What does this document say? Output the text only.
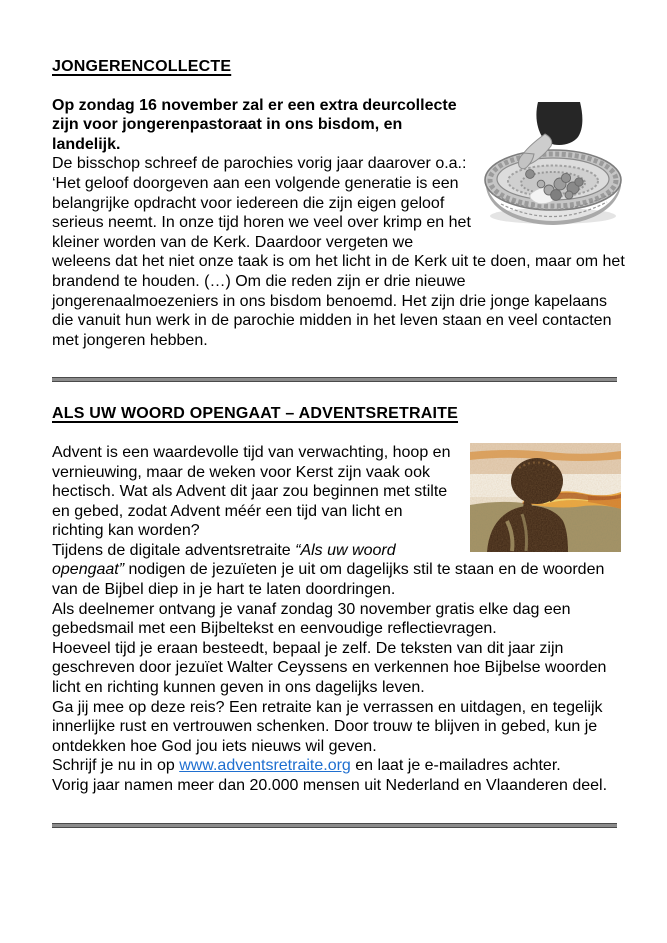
JONGERENCOLLECTE

Op zondag 16 november zal er een extra deurcollecte zijn voor jongerenpastoraat in ons bisdom, en landelijk.

De bisschop schreef de parochies vorig jaar daarover o.a.: ‘Het geloof doorgeven aan een volgende generatie is een belangrijke opdracht voor iedereen die zijn eigen geloof serieus neemt. In onze tijd horen we veel over krimp en het kleiner worden van de Kerk. Daardoor vergeten we weleens dat het niet onze taak is om het licht in de Kerk uit te doen, maar om het brandend te houden. (…) Om die reden zijn er drie nieuwe jongerenaalmoezeniers in ons bisdom benoemd. Het zijn drie jonge kapelaans die vanuit hun werk in de parochie midden in het leven staan en veel contacten met jongeren hebben.

ALS UW WOORD OPENGAAT – ADVENTSRETRAITE

Advent is een waardevolle tijd van verwachting, hoop en vernieuwing, maar de weken voor Kerst zijn vaak ook hectisch. Wat als Advent dit jaar zou beginnen met stilte en gebed, zodat Advent méér een tijd van licht en richting kan worden?

Tijdens de digitale adventsretraite “Als uw woord opengaat” nodigen de jezuïeten je uit om dagelijks stil te staan en de woorden van de Bijbel diep in je hart te laten doordringen.

Als deelnemer ontvang je vanaf zondag 30 november gratis elke dag een gebedsmail met een Bijbeltekst en eenvoudige reflectievragen.

Hoeveel tijd je eraan besteedt, bepaal je zelf. De teksten van dit jaar zijn geschreven door jezuïet Walter Ceyssens en verkennen hoe Bijbelse woorden licht en richting kunnen geven in ons dagelijks leven.

Ga jij mee op deze reis? Een retraite kan je verrassen en uitdagen, en tegelijk innerlijke rust en vertrouwen schenken. Door trouw te blijven in gebed, kun je ontdekken hoe God jou iets nieuws wil geven.

Schrijf je nu in op www.adventsretraite.org en laat je e-mailadres achter.

Vorig jaar namen meer dan 20.000 mensen uit Nederland en Vlaanderen deel.
